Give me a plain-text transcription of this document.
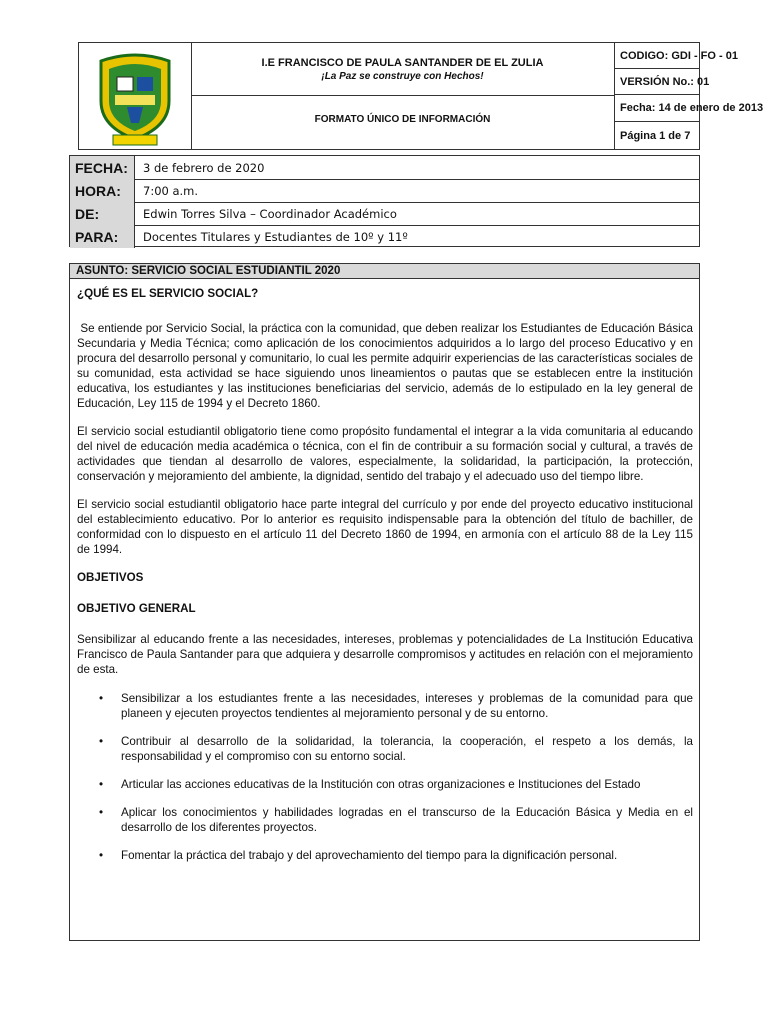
I.E FRANCISCO DE PAULA SANTANDER DE EL ZULIA
¡La Paz se construye con Hechos!
FORMATO ÚNICO DE INFORMACIÓN
CODIGO: GDI - FO - 01
VERSIÓN No.: 01
Fecha: 14 de enero de 2013
Página 1 de 7
FECHA:	3 de febrero de 2020
HORA:	7:00 a.m.
DE:	Edwin Torres Silva – Coordinador Académico
PARA:	Docentes Titulares y Estudiantes de 10º y 11º
ASUNTO: SERVICIO SOCIAL ESTUDIANTIL 2020
¿QUÉ ES EL SERVICIO SOCIAL?

Se entiende por Servicio Social, la práctica con la comunidad, que deben realizar los Estudiantes de Educación Básica Secundaria y Media Técnica; como aplicación de los conocimientos adquiridos a lo largo del proceso Educativo y en procura del desarrollo personal y comunitario, lo cual les permite adquirir experiencias de las características sociales de su comunidad, esta actividad se hace siguiendo unos lineamientos o pautas que se establecen entre la institución educativa, los estudiantes y las instituciones beneficiarias del servicio, además de lo estipulado en la ley general de Educación, Ley 115 de 1994 y el Decreto 1860.

El servicio social estudiantil obligatorio tiene como propósito fundamental el integrar a la vida comunitaria al educando del nivel de educación media académica o técnica, con el fin de contribuir a su formación social y cultural, a través de actividades que tiendan al desarrollo de valores, especialmente, la solidaridad, la participación, la protección, conservación y mejoramiento del ambiente, la dignidad, sentido del trabajo y el adecuado uso del tiempo libre.

El servicio social estudiantil obligatorio hace parte integral del currículo y por ende del proyecto educativo institucional del establecimiento educativo. Por lo anterior es requisito indispensable para la obtención del título de bachiller, de conformidad con lo dispuesto en el artículo 11 del Decreto 1860 de 1994, en armonía con el artículo 88 de la Ley 115 de 1994.

OBJETIVOS
OBJETIVO GENERAL

Sensibilizar al educando frente a las necesidades, intereses, problemas y potencialidades de La Institución Educativa Francisco de Paula Santander para que adquiera y desarrolle compromisos y actitudes en relación con el mejoramiento de esta.

• Sensibilizar a los estudiantes frente a las necesidades, intereses y problemas de la comunidad para que planeen y ejecuten proyectos tendientes al mejoramiento personal y de su entorno.
• Contribuir al desarrollo de la solidaridad, la tolerancia, la cooperación, el respeto a los demás, la responsabilidad y el compromiso con su entorno social.
• Articular las acciones educativas de la Institución con otras organizaciones e Instituciones del Estado
• Aplicar los conocimientos y habilidades logradas en el transcurso de la Educación Básica y Media en el desarrollo de los diferentes proyectos.
• Fomentar la práctica del trabajo y del aprovechamiento del tiempo para la dignificación personal.
